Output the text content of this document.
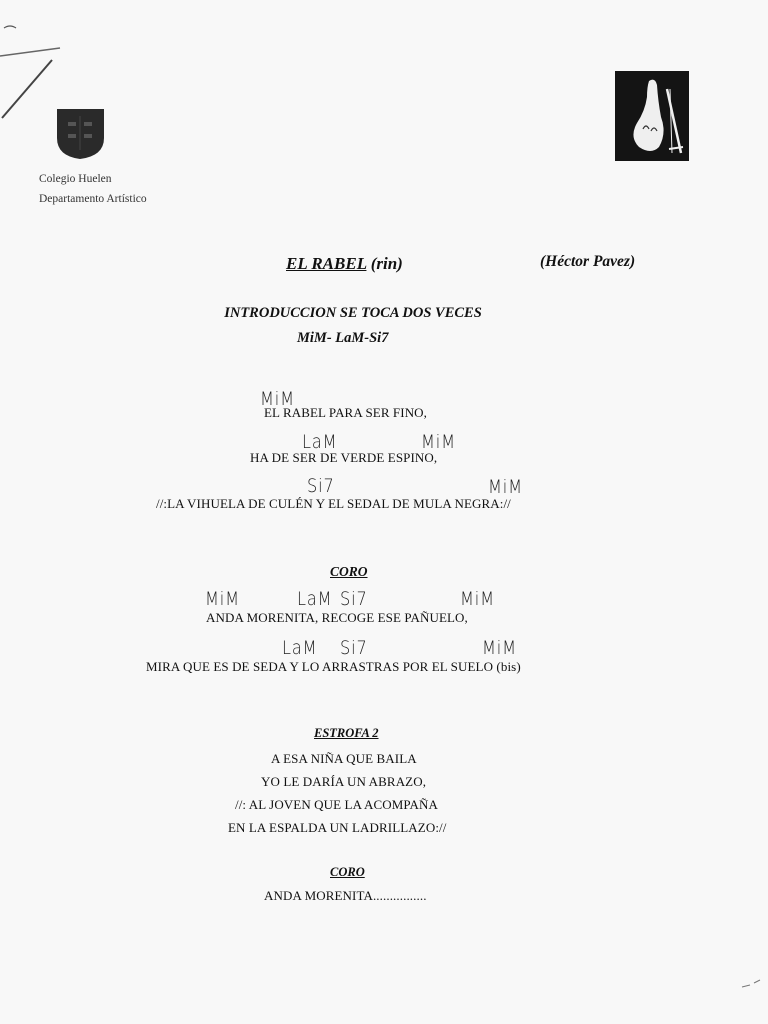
Colegio Huelen
Departamento Artístico
EL RABEL (rin)	(Héctor Pavez)
INTRODUCCION SE TOCA DOS VECES
MiM- LaM-Si7
MiM
EL RABEL PARA SER FINO,
LaM	MiM
HA DE SER DE VERDE ESPINO,
Si7	MiM
//:LA VIHUELA DE CULÉN Y EL SEDAL DE MULA NEGRA://
CORO
MiM	LaM Si7	MiM
ANDA MORENITA, RECOGE ESE PAÑUELO,
LaM Si7	MiM
MIRA QUE ES DE SEDA Y LO ARRASTRAS POR EL SUELO (bis)
ESTROFA 2
A ESA NIÑA QUE BAILA
YO LE DARÍA UN ABRAZO,
//: AL JOVEN QUE LA ACOMPAÑA
EN LA ESPALDA UN LADRILLAZO://
CORO
ANDA MORENITA................
